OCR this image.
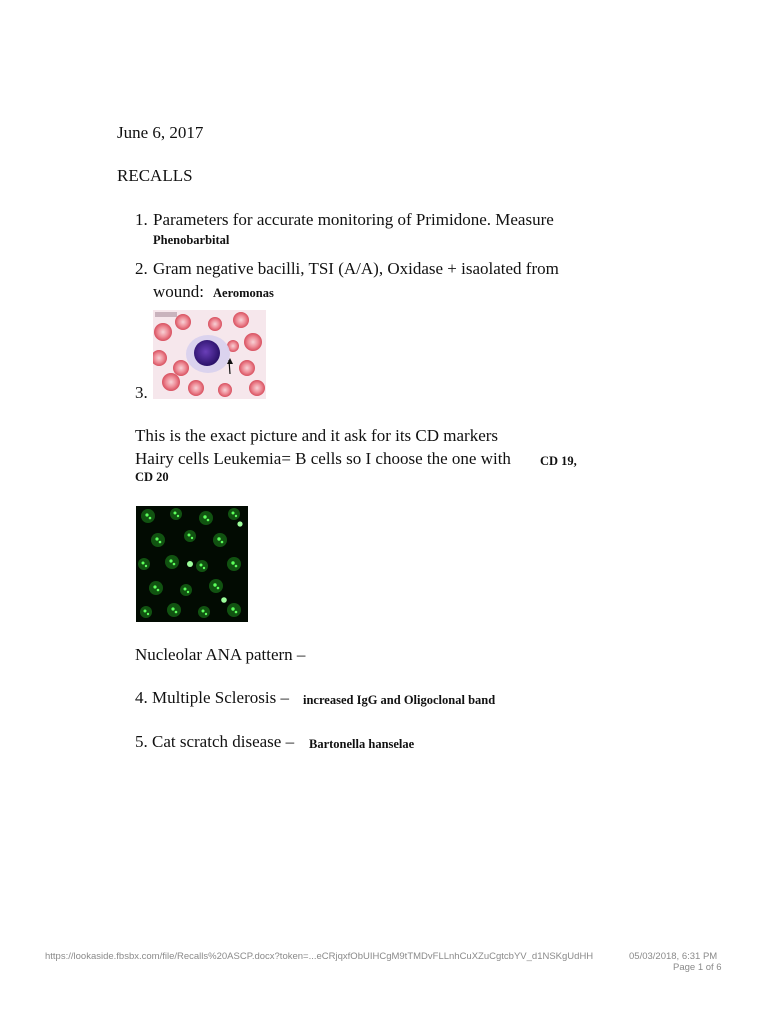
June 6, 2017
RECALLS
1. Parameters for accurate monitoring of Primidone. Measure
Phenobarbital
2. Gram negative bacilli, TSI (A/A), Oxidase + isaolated from
wound: Aeromonas
3.
This is the exact picture and it ask for its CD markers
Hairy cells Leukemia= B cells so I choose the one with CD 19,
CD 20
Nucleolar ANA pattern –
4. Multiple Sclerosis – increased IgG and Oligoclonal band
5. Cat scratch disease – Bartonella hanselae
https://lookaside.fbsbx.com/file/Recalls%20ASCP.docx?token=...eCRjqxfObUIHCgM9tTMDvFLLnhCuXZuCgtcbYV_d1NSKgUdHH	05/03/2018, 6:31 PM
Page 1 of 6
